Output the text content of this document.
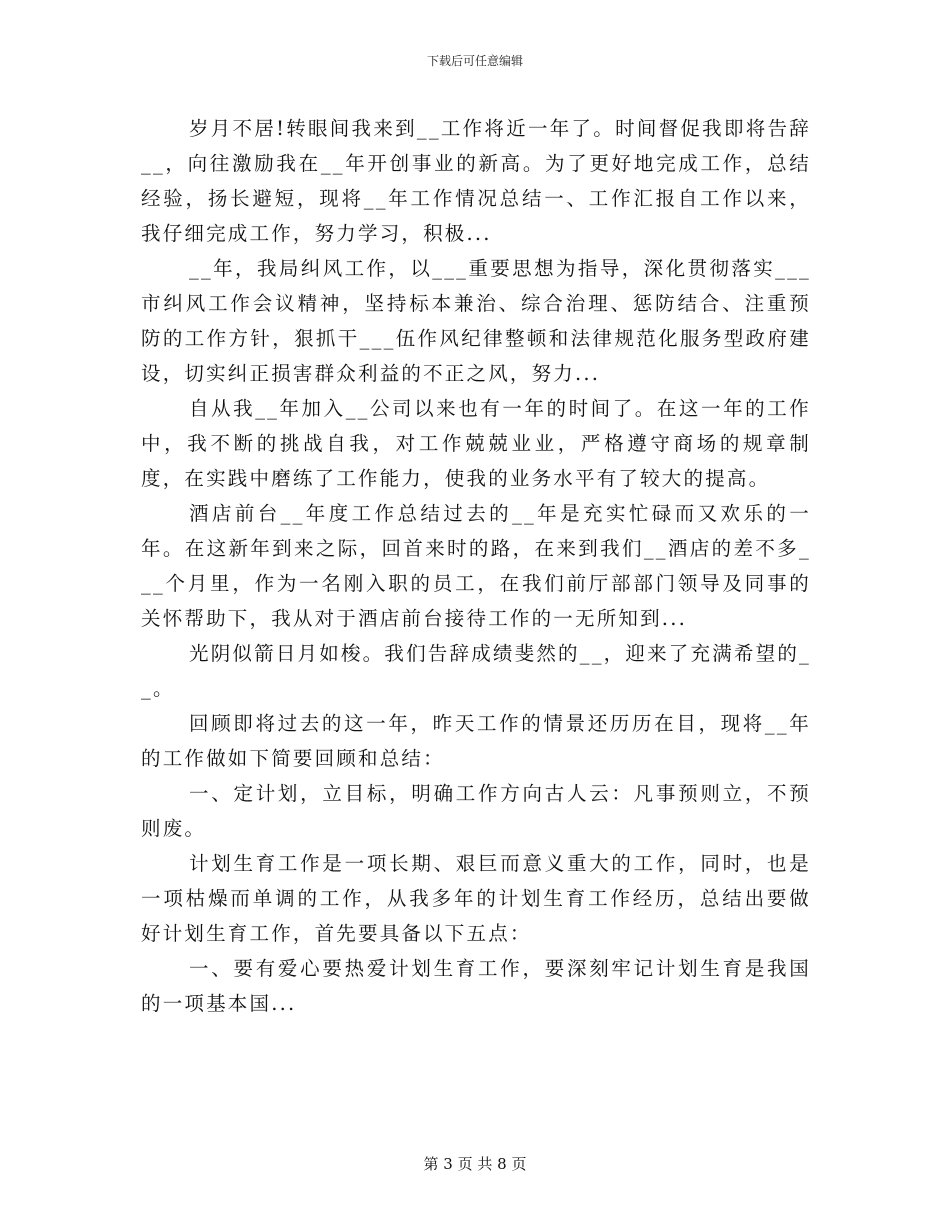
下载后可任意编辑

岁月不居!转眼间我来到__工作将近一年了。时间督促我即将告辞__，向往激励我在__年开创事业的新高。为了更好地完成工作，总结经验，扬长避短，现将__年工作情况总结一、工作汇报自工作以来，我仔细完成工作，努力学习，积极...

__年，我局纠风工作，以___重要思想为指导，深化贯彻落实___市纠风工作会议精神，坚持标本兼治、综合治理、惩防结合、注重预防的工作方针，狠抓干___伍作风纪律整顿和法律规范化服务型政府建设，切实纠正损害群众利益的不正之风，努力...

自从我__年加入__公司以来也有一年的时间了。在这一年的工作中，我不断的挑战自我，对工作兢兢业业，严格遵守商场的规章制度，在实践中磨练了工作能力，使我的业务水平有了较大的提高。

酒店前台__年度工作总结过去的__年是充实忙碌而又欢乐的一年。在这新年到来之际，回首来时的路，在来到我们__酒店的差不多___个月里，作为一名刚入职的员工，在我们前厅部部门领导及同事的关怀帮助下，我从对于酒店前台接待工作的一无所知到...

光阴似箭日月如梭。我们告辞成绩斐然的__，迎来了充满希望的__。

回顾即将过去的这一年，昨天工作的情景还历历在目，现将__年的工作做如下简要回顾和总结：

一、定计划，立目标，明确工作方向古人云：凡事预则立，不预则废。

计划生育工作是一项长期、艰巨而意义重大的工作，同时，也是一项枯燥而单调的工作，从我多年的计划生育工作经历，总结出要做好计划生育工作，首先要具备以下五点：

一、要有爱心要热爱计划生育工作，要深刻牢记计划生育是我国的一项基本国...

第 3 页 共 8 页
